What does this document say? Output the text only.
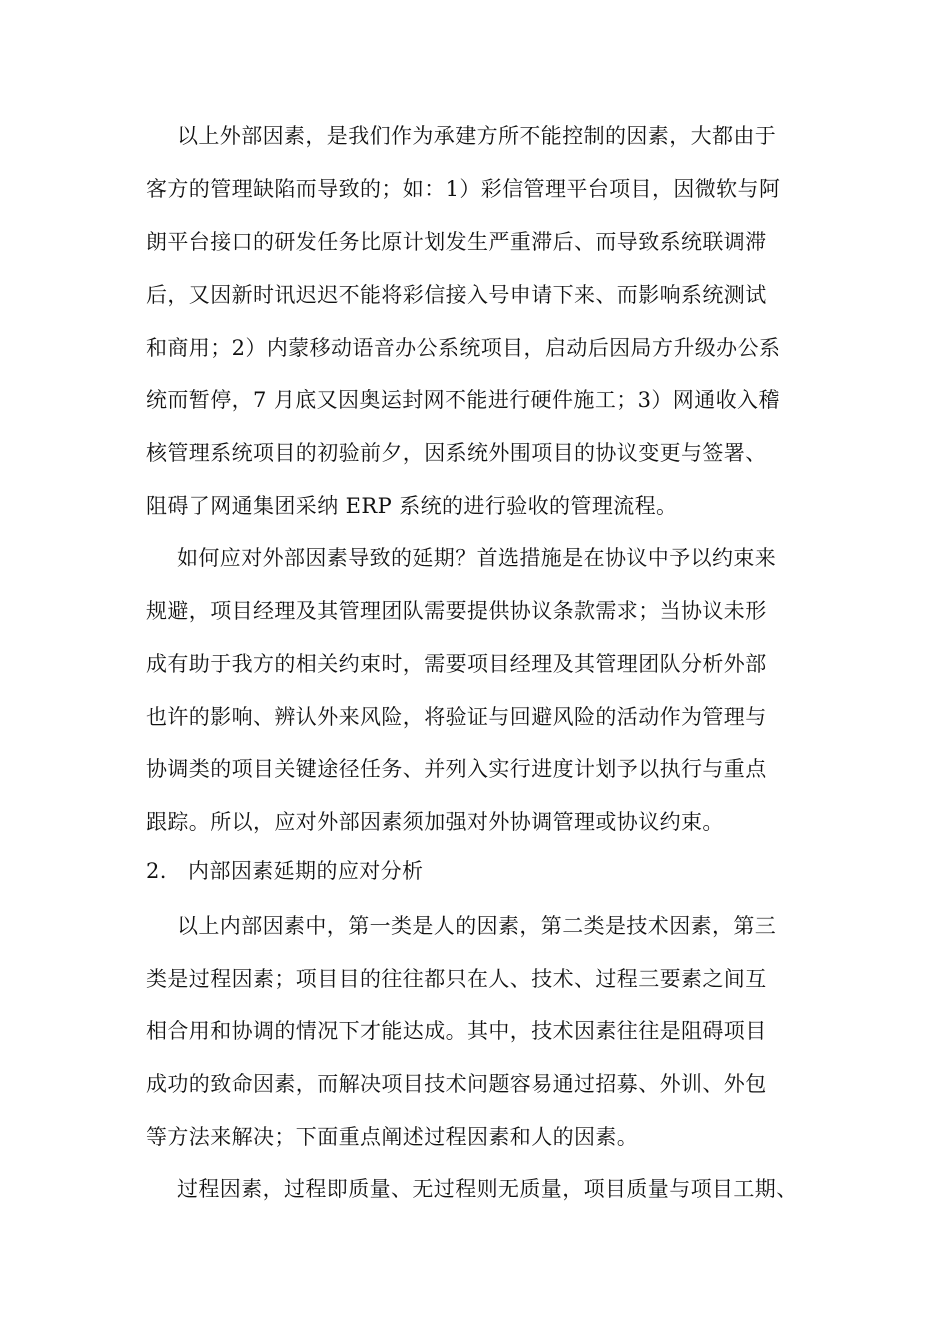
以上外部因素，是我们作为承建方所不能控制的因素，大都由于
客方的管理缺陷而导致的；如：1）彩信管理平台项目，因微软与阿
朗平台接口的研发任务比原计划发生严重滞后、而导致系统联调滞
后，又因新时讯迟迟不能将彩信接入号申请下来、而影响系统测试
和商用；2）内蒙移动语音办公系统项目，启动后因局方升级办公系
统而暂停，7 月底又因奥运封网不能进行硬件施工；3）网通收入稽
核管理系统项目的初验前夕，因系统外围项目的协议变更与签署、
阻碍了网通集团采纳 ERP 系统的进行验收的管理流程。
如何应对外部因素导致的延期？首选措施是在协议中予以约束来
规避，项目经理及其管理团队需要提供协议条款需求；当协议未形
成有助于我方的相关约束时，需要项目经理及其管理团队分析外部
也许的影响、辨认外来风险，将验证与回避风险的活动作为管理与
协调类的项目关键途径任务、并列入实行进度计划予以执行与重点
跟踪。所以，应对外部因素须加强对外协调管理或协议约束。
2.   内部因素延期的应对分析
以上内部因素中，第一类是人的因素，第二类是技术因素，第三
类是过程因素；项目目的往往都只在人、技术、过程三要素之间互
相合用和协调的情况下才能达成。其中，技术因素往往是阻碍项目
成功的致命因素，而解决项目技术问题容易通过招募、外训、外包
等方法来解决；下面重点阐述过程因素和人的因素。
过程因素，过程即质量、无过程则无质量，项目质量与项目工期、
